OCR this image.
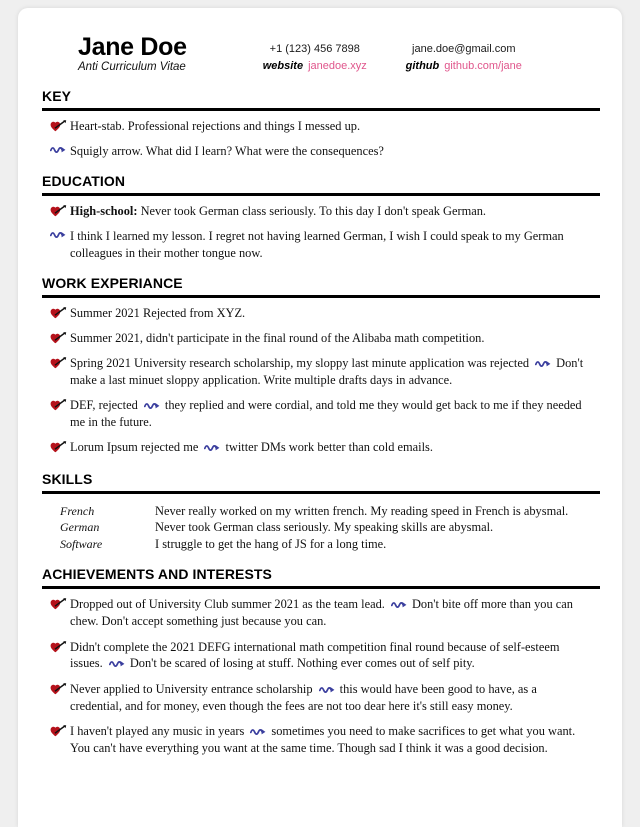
Jane Doe
Anti Curriculum Vitae
+1 (123) 456 7898	jane.doe@gmail.com
website janedoe.xyz	github github.com/jane
KEY
Heart-stab. Professional rejections and things I messed up.
Squigly arrow. What did I learn? What were the consequences?
EDUCATION
High-school: Never took German class seriously. To this day I don't speak German.
I think I learned my lesson. I regret not having learned German, I wish I could speak to my German colleagues in their mother tongue now.
WORK EXPERIANCE
Summer 2021 Rejected from XYZ.
Summer 2021, didn't participate in the final round of the Alibaba math competition.
Spring 2021 University research scholarship, my sloppy last minute application was rejected Don't make a last minuet sloppy application. Write multiple drafts days in advance.
DEF, rejected they replied and were cordial, and told me they would get back to me if they needed me in the future.
Lorum Ipsum rejected me twitter DMs work better than cold emails.
SKILLS
French	Never really worked on my written french. My reading speed in French is abysmal.
German	Never took German class seriously. My speaking skills are abysmal.
Software	I struggle to get the hang of JS for a long time.
ACHIEVEMENTS AND INTERESTS
Dropped out of University Club summer 2021 as the team lead. Don't bite off more than you can chew. Don't accept something just because you can.
Didn't complete the 2021 DEFG international math competition final round because of self-esteem issues. Don't be scared of losing at stuff. Nothing ever comes out of self pity.
Never applied to University entrance scholarship this would have been good to have, as a credential, and for money, even though the fees are not too dear here it's still easy money.
I haven't played any music in years sometimes you need to make sacrifices to get what you want. You can't have everything you want at the same time. Though sad I think it was a good decision.
